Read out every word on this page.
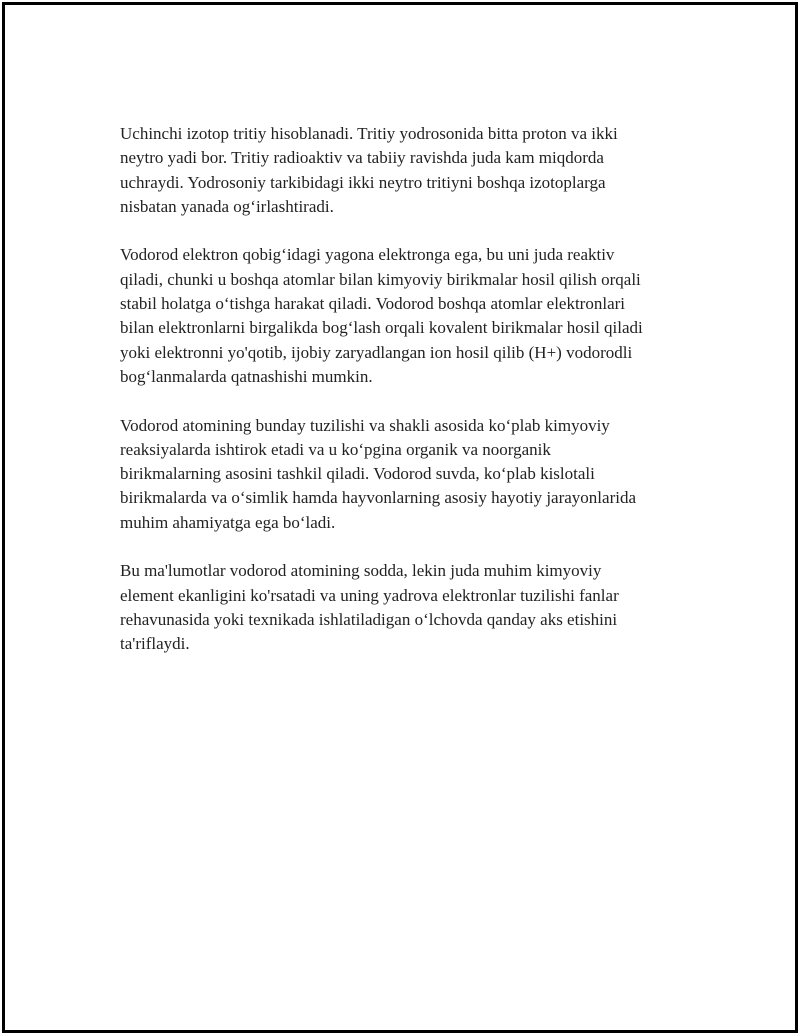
Uchinchi izotop tritiy hisoblanadi. Tritiy yodrosonida bitta proton va ikki
neytro yadi bor. Tritiy radioaktiv va tabiiy ravishda juda kam miqdorda
uchraydi. Yodrosoniy tarkibidagi ikki neytro tritiyni boshqa izotoplarga
nisbatan yanada og‘irlashtiradi.

Vodorod elektron qobig‘idagi yagona elektronga ega, bu uni juda reaktiv
qiladi, chunki u boshqa atomlar bilan kimyoviy birikmalar hosil qilish orqali
stabil holatga o‘tishga harakat qiladi. Vodorod boshqa atomlar elektronlari
bilan elektronlarni birgalikda bog‘lash orqali kovalent birikmalar hosil qiladi
yoki elektronni yo'qotib, ijobiy zaryadlangan ion hosil qilib (H+) vodorodli
bog‘lanmalarda qatnashishi mumkin.

Vodorod atomining bunday tuzilishi va shakli asosida ko‘plab kimyoviy
reaksiyalarda ishtirok etadi va u ko‘pgina organik va noorganik
birikmalarning asosini tashkil qiladi. Vodorod suvda, ko‘plab kislotali
birikmalarda va o‘simlik hamda hayvonlarning asosiy hayotiy jarayonlarida
muhim ahamiyatga ega bo‘ladi.

Bu ma'lumotlar vodorod atomining sodda, lekin juda muhim kimyoviy
element ekanligini ko'rsatadi va uning yadrova elektronlar tuzilishi fanlar
rehavunasida yoki texnikada ishlatiladigan o‘lchovda qanday aks etishini
ta'riflaydi.
